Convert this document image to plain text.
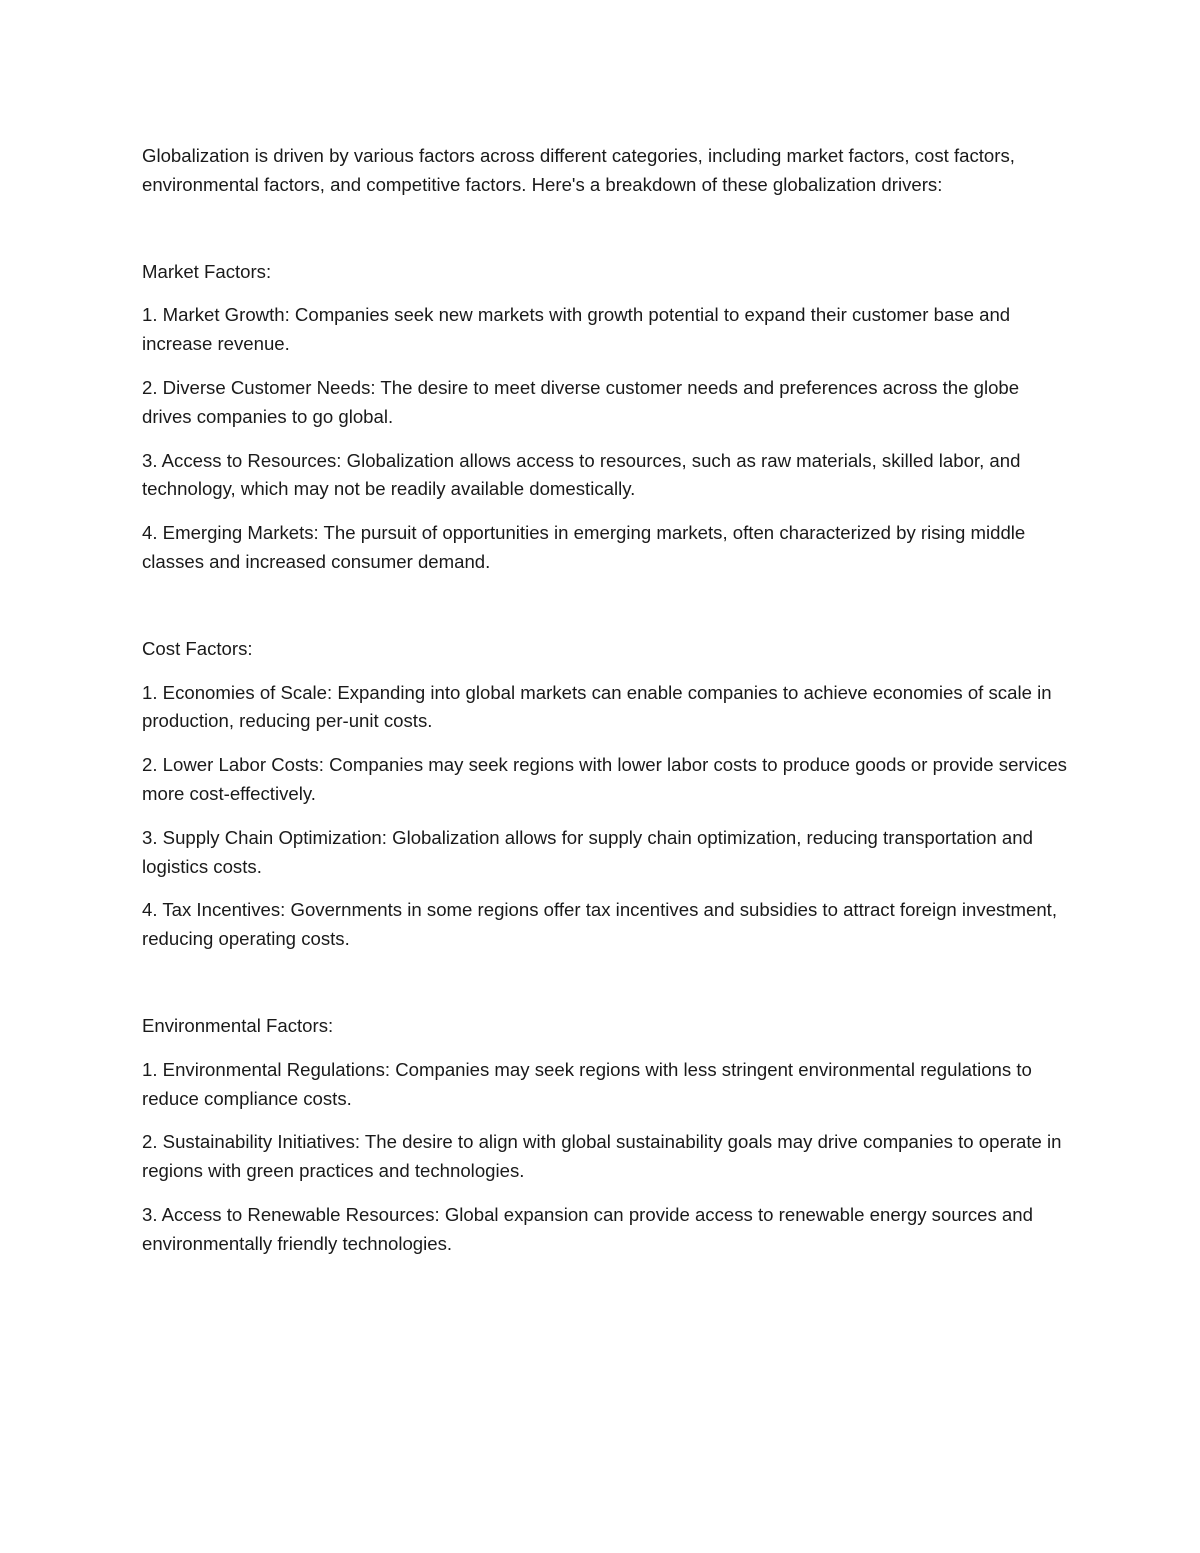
Globalization is driven by various factors across different categories, including market factors, cost factors, environmental factors, and competitive factors. Here's a breakdown of these globalization drivers:

Market Factors:

1. Market Growth: Companies seek new markets with growth potential to expand their customer base and increase revenue.

2. Diverse Customer Needs: The desire to meet diverse customer needs and preferences across the globe drives companies to go global.

3. Access to Resources: Globalization allows access to resources, such as raw materials, skilled labor, and technology, which may not be readily available domestically.

4. Emerging Markets: The pursuit of opportunities in emerging markets, often characterized by rising middle classes and increased consumer demand.

Cost Factors:

1. Economies of Scale: Expanding into global markets can enable companies to achieve economies of scale in production, reducing per-unit costs.

2. Lower Labor Costs: Companies may seek regions with lower labor costs to produce goods or provide services more cost-effectively.

3. Supply Chain Optimization: Globalization allows for supply chain optimization, reducing transportation and logistics costs.

4. Tax Incentives: Governments in some regions offer tax incentives and subsidies to attract foreign investment, reducing operating costs.

Environmental Factors:

1. Environmental Regulations: Companies may seek regions with less stringent environmental regulations to reduce compliance costs.

2. Sustainability Initiatives: The desire to align with global sustainability goals may drive companies to operate in regions with green practices and technologies.

3. Access to Renewable Resources: Global expansion can provide access to renewable energy sources and environmentally friendly technologies.
